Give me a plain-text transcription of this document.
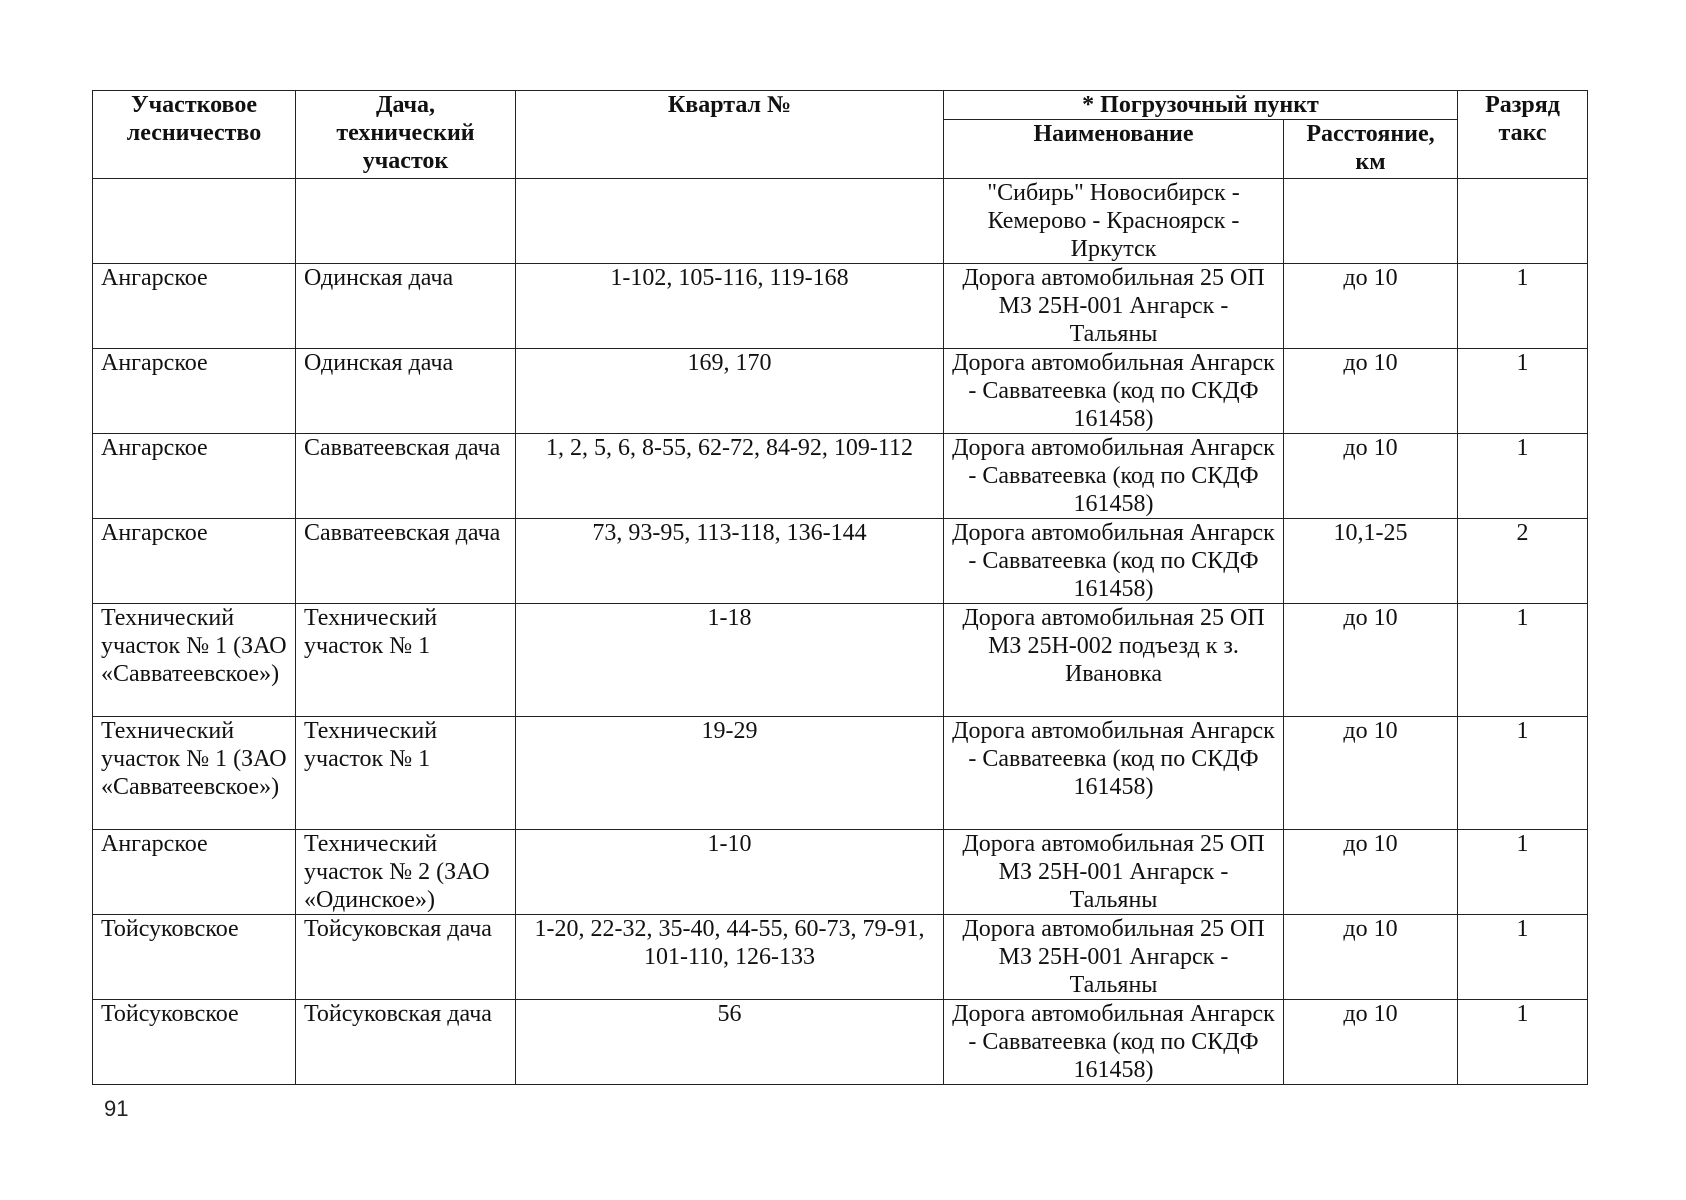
Участковое лесничество	Дача, технический участок	Квартал №	* Погрузочный пункт		Разряд такс
			Наименование	Расстояние, км	
			"Сибирь" Новосибирск - Кемерово - Красноярск - Иркутск		
Ангарское	Одинская дача	1-102, 105-116, 119-168	Дорога автомобильная 25 ОП МЗ 25Н-001 Ангарск - Тальяны	до 10	1
Ангарское	Одинская дача	169, 170	Дорога автомобильная Ангарск - Савватеевка (код по СКДФ 161458)	до 10	1
Ангарское	Савватеевская дача	1, 2, 5, 6, 8-55, 62-72, 84-92, 109-112	Дорога автомобильная Ангарск - Савватеевка (код по СКДФ 161458)	до 10	1
Ангарское	Савватеевская дача	73, 93-95, 113-118, 136-144	Дорога автомобильная Ангарск - Савватеевка (код по СКДФ 161458)	10,1-25	2
Технический участок № 1 (ЗАО «Савватеевское»)	Технический участок № 1	1-18	Дорога автомобильная 25 ОП МЗ 25Н-002 подъезд к з. Ивановка	до 10	1
Технический участок № 1 (ЗАО «Савватеевское»)	Технический участок № 1	19-29	Дорога автомобильная Ангарск - Савватеевка (код по СКДФ 161458)	до 10	1
Ангарское	Технический участок № 2 (ЗАО «Одинское»)	1-10	Дорога автомобильная 25 ОП МЗ 25Н-001 Ангарск - Тальяны	до 10	1
Тойсуковское	Тойсуковская дача	1-20, 22-32, 35-40, 44-55, 60-73, 79-91, 101-110, 126-133	Дорога автомобильная 25 ОП МЗ 25Н-001 Ангарск - Тальяны	до 10	1
Тойсуковское	Тойсуковская дача	56	Дорога автомобильная Ангарск - Савватеевка (код по СКДФ 161458)	до 10	1
91
